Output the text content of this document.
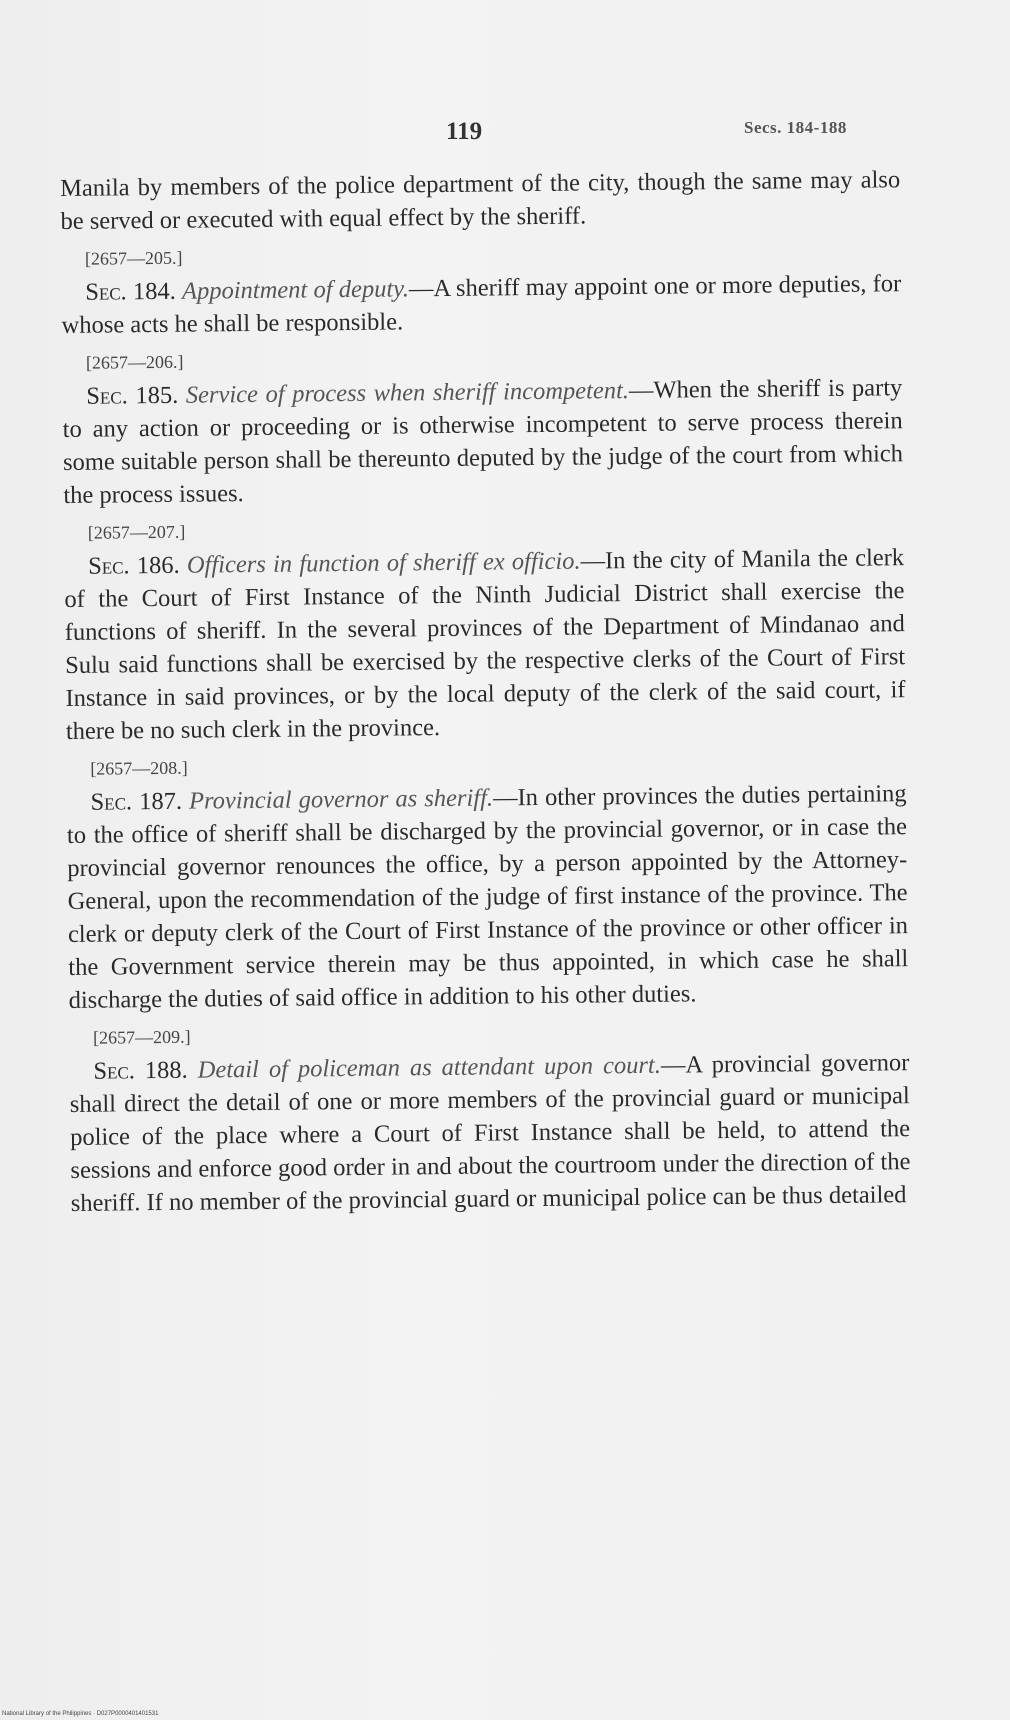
119	Secs. 184-188

Manila by members of the police department of the city, though the same may also be served or executed with equal effect by the sheriff.

[2657—205.]

Sec. 184. Appointment of deputy.—A sheriff may appoint one or more deputies, for whose acts he shall be responsible.

[2657—206.]

Sec. 185. Service of process when sheriff incompetent.—When the sheriff is party to any action or proceeding or is otherwise incompetent to serve process therein some suitable person shall be thereunto deputed by the judge of the court from which the process issues.

[2657—207.]

Sec. 186. Officers in function of sheriff ex officio.—In the city of Manila the clerk of the Court of First Instance of the Ninth Judicial District shall exercise the functions of sheriff. In the several provinces of the Department of Mindanao and Sulu said functions shall be exercised by the respective clerks of the Court of First Instance in said provinces, or by the local deputy of the clerk of the said court, if there be no such clerk in the province.

[2657—208.]

Sec. 187. Provincial governor as sheriff.—In other provinces the duties pertaining to the office of sheriff shall be discharged by the provincial governor, or in case the provincial governor renounces the office, by a person appointed by the Attorney-General, upon the recommendation of the judge of first instance of the province. The clerk or deputy clerk of the Court of First Instance of the province or other officer in the Government service therein may be thus appointed, in which case he shall discharge the duties of said office in addition to his other duties.

[2657—209.]

Sec. 188. Detail of policeman as attendant upon court.—A provincial governor shall direct the detail of one or more members of the provincial guard or municipal police of the place where a Court of First Instance shall be held, to attend the sessions and enforce good order in and about the courtroom under the direction of the sheriff. If no member of the provincial guard or municipal police can be thus detailed

National Library of the Philippines · D027P0000401401531
